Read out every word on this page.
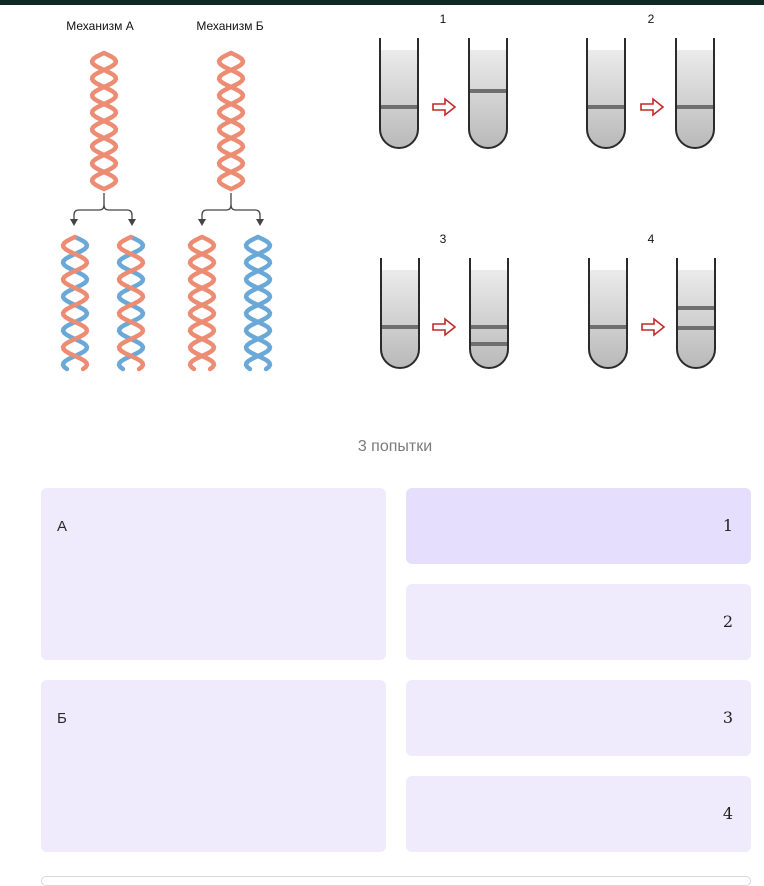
Механизм А	Механизм Б	1	2
3	4
3 попытки
А
Б
1
2
3
4
